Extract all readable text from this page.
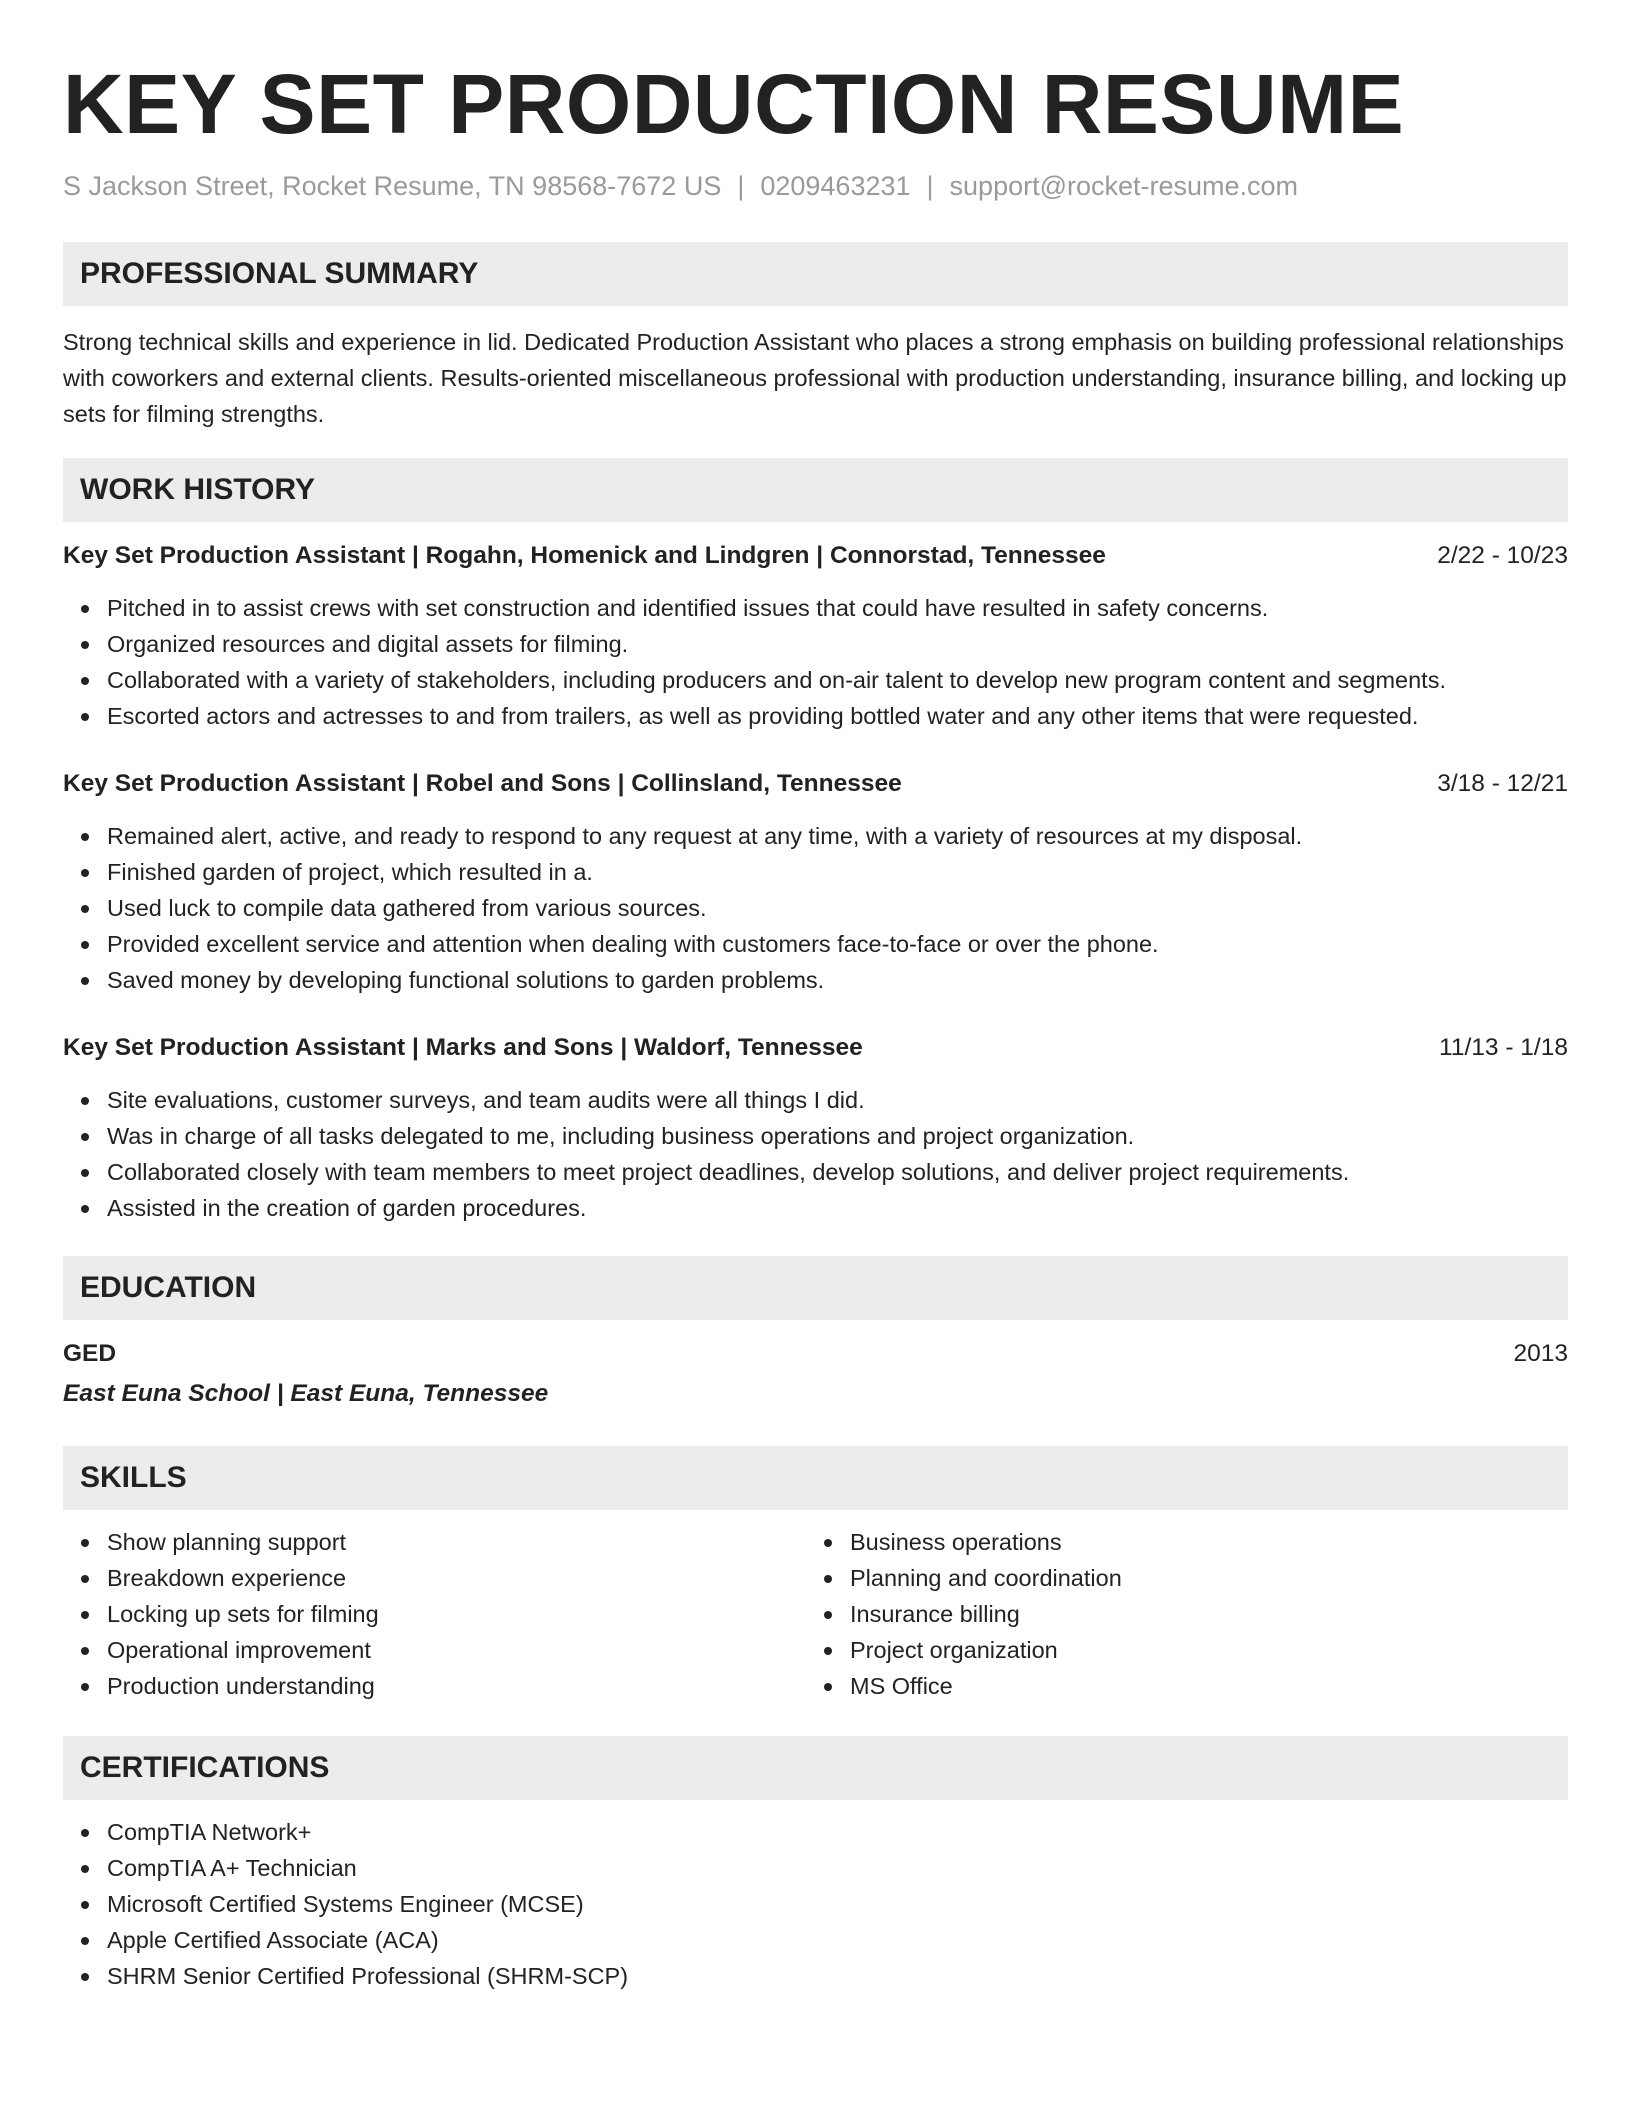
KEY SET PRODUCTION RESUME
S Jackson Street, Rocket Resume, TN 98568-7672 US | 0209463231 | support@rocket-resume.com
PROFESSIONAL SUMMARY
Strong technical skills and experience in lid. Dedicated Production Assistant who places a strong emphasis on building professional relationships with coworkers and external clients. Results-oriented miscellaneous professional with production understanding, insurance billing, and locking up sets for filming strengths.
WORK HISTORY
Key Set Production Assistant | Rogahn, Homenick and Lindgren | Connorstad, Tennessee	2/22 - 10/23
Pitched in to assist crews with set construction and identified issues that could have resulted in safety concerns.
Organized resources and digital assets for filming.
Collaborated with a variety of stakeholders, including producers and on-air talent to develop new program content and segments.
Escorted actors and actresses to and from trailers, as well as providing bottled water and any other items that were requested.
Key Set Production Assistant | Robel and Sons | Collinsland, Tennessee	3/18 - 12/21
Remained alert, active, and ready to respond to any request at any time, with a variety of resources at my disposal.
Finished garden of project, which resulted in a.
Used luck to compile data gathered from various sources.
Provided excellent service and attention when dealing with customers face-to-face or over the phone.
Saved money by developing functional solutions to garden problems.
Key Set Production Assistant | Marks and Sons | Waldorf, Tennessee	11/13 - 1/18
Site evaluations, customer surveys, and team audits were all things I did.
Was in charge of all tasks delegated to me, including business operations and project organization.
Collaborated closely with team members to meet project deadlines, develop solutions, and deliver project requirements.
Assisted in the creation of garden procedures.
EDUCATION
GED	2013
East Euna School | East Euna, Tennessee
SKILLS
Show planning support
Breakdown experience
Locking up sets for filming
Operational improvement
Production understanding
Business operations
Planning and coordination
Insurance billing
Project organization
MS Office
CERTIFICATIONS
CompTIA Network+
CompTIA A+ Technician
Microsoft Certified Systems Engineer (MCSE)
Apple Certified Associate (ACA)
SHRM Senior Certified Professional (SHRM-SCP)
